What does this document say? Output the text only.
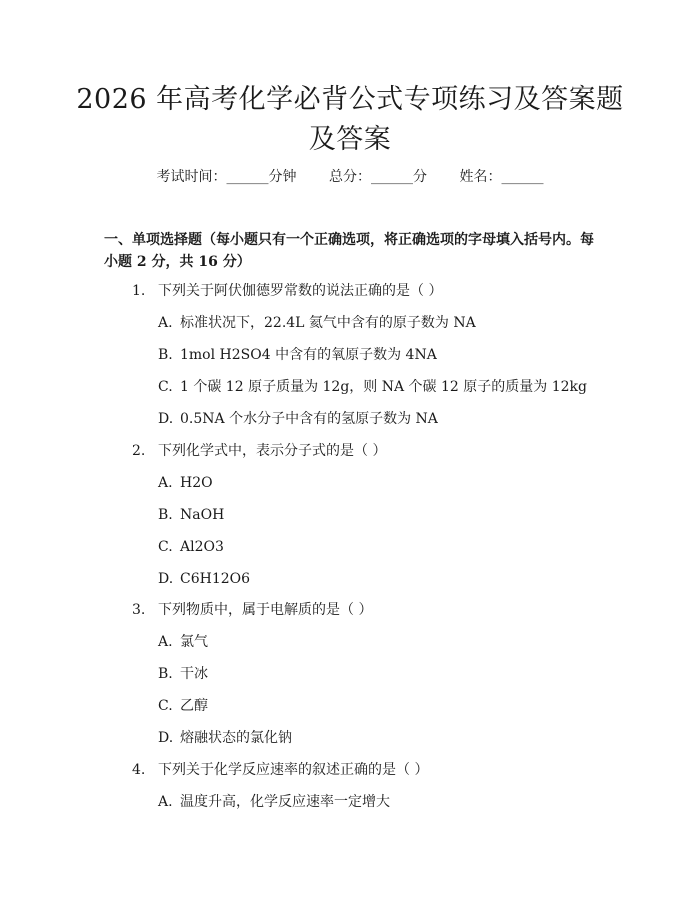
2026 年高考化学必背公式专项练习及答案题
及答案
考试时间：______分钟 总分：______分 姓名：______
一、单项选择题（每小题只有一个正确选项，将正确选项的字母填入括号内。每
小题 2 分，共 16 分）
1. 下列关于阿伏伽德罗常数的说法正确的是（ ）
A. 标准状况下，22.4L 氦气中含有的原子数为 NA
B. 1mol H2SO4 中含有的氧原子数为 4NA
C. 1 个碳 12 原子质量为 12g，则 NA 个碳 12 原子的质量为 12kg
D. 0.5NA 个水分子中含有的氢原子数为 NA
2. 下列化学式中，表示分子式的是（ ）
A. H2O
B. NaOH
C. Al2O3
D. C6H12O6
3. 下列物质中，属于电解质的是（ ）
A. 氯气
B. 干冰
C. 乙醇
D. 熔融状态的氯化钠
4. 下列关于化学反应速率的叙述正确的是（ ）
A. 温度升高，化学反应速率一定增大
